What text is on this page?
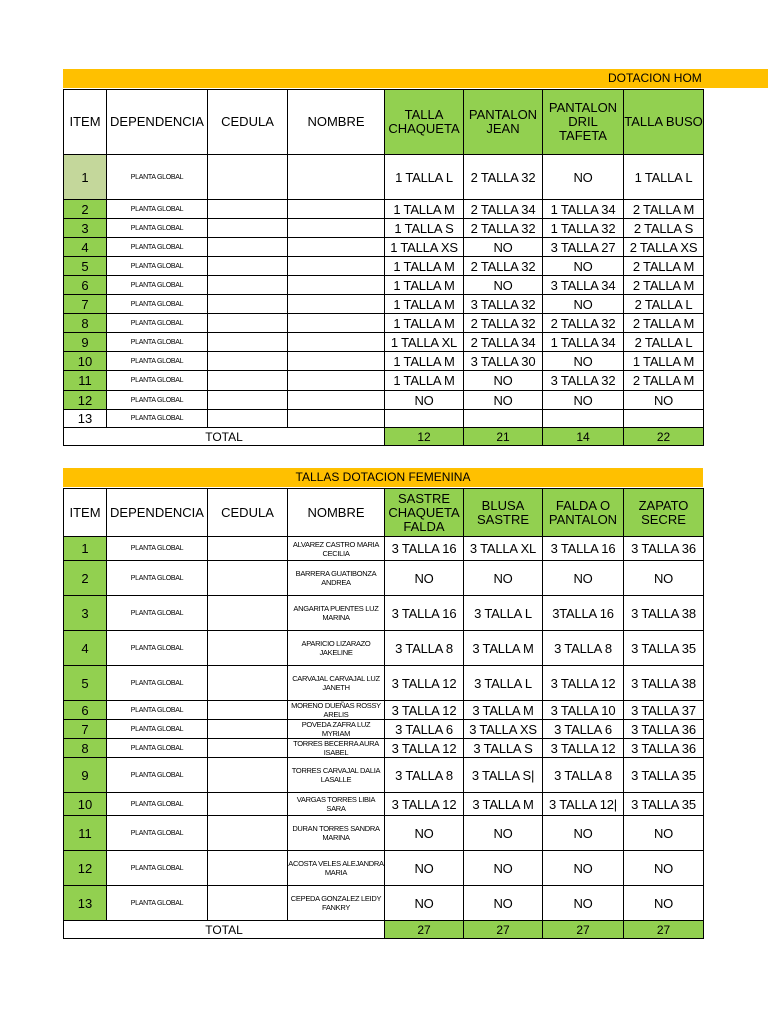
DOTACION HOM
ITEM	DEPENDENCIA	CEDULA	NOMBRE	TALLA CHAQUETA	PANTALON JEAN	PANTALON DRIL TAFETA	TALLA BUSO
1	PLANTA GLOBAL			1 TALLA L	2 TALLA 32	NO	1 TALLA L
2	PLANTA GLOBAL			1 TALLA M	2 TALLA 34	1 TALLA 34	2 TALLA M
3	PLANTA GLOBAL			1 TALLA S	2 TALLA 32	1 TALLA 32	2 TALLA S
4	PLANTA GLOBAL			1 TALLA XS	NO	3 TALLA 27	2 TALLA XS
5	PLANTA GLOBAL			1 TALLA M	2 TALLA 32	NO	2 TALLA M
6	PLANTA GLOBAL			1 TALLA M	NO	3 TALLA 34	2 TALLA M
7	PLANTA GLOBAL			1 TALLA M	3 TALLA 32	NO	2 TALLA L
8	PLANTA GLOBAL			1 TALLA M	2 TALLA 32	2 TALLA 32	2 TALLA M
9	PLANTA GLOBAL			1 TALLA XL	2 TALLA 34	1 TALLA 34	2 TALLA L
10	PLANTA GLOBAL			1 TALLA M	3 TALLA 30	NO	1 TALLA M
11	PLANTA GLOBAL			1 TALLA M	NO	3 TALLA 32	2 TALLA M
12	PLANTA GLOBAL			NO	NO	NO	NO
13	PLANTA GLOBAL						
TOTAL				12	21	14	22
TALLAS DOTACION FEMENINA
ITEM	DEPENDENCIA	CEDULA	NOMBRE	SASTRE CHAQUETA FALDA	BLUSA SASTRE	FALDA O PANTALON	ZAPATO SECRE
1	PLANTA GLOBAL		ALVAREZ CASTRO MARIA CECILIA	3 TALLA 16	3 TALLA XL	3 TALLA 16	3 TALLA 36
2	PLANTA GLOBAL		BARRERA GUATIBONZA ANDREA	NO	NO	NO	NO
3	PLANTA GLOBAL		ANGARITA PUENTES LUZ MARINA	3 TALLA 16	3 TALLA L	3TALLA 16	3 TALLA 38
4	PLANTA GLOBAL		APARICIO LIZARAZO JAKELINE	3 TALLA 8	3 TALLA M	3 TALLA 8	3 TALLA 35
5	PLANTA GLOBAL		CARVAJAL CARVAJAL LUZ JANETH	3 TALLA 12	3 TALLA L	3 TALLA 12	3 TALLA 38
6	PLANTA GLOBAL		MORENO DUEÑAS ROSSY ARELIS	3 TALLA 12	3 TALLA M	3 TALLA 10	3 TALLA 37
7	PLANTA GLOBAL		POVEDA ZAFRA LUZ MYRIAM	3 TALLA 6	3 TALLA XS	3 TALLA 6	3 TALLA 36
8	PLANTA GLOBAL		TORRES BECERRA AURA ISABEL	3 TALLA 12	3 TALLA S	3 TALLA 12	3 TALLA 36
9	PLANTA GLOBAL		TORRES CARVAJAL DALIA LASALLE	3 TALLA 8	3 TALLA S|	3 TALLA 8	3 TALLA 35
10	PLANTA GLOBAL		VARGAS TORRES LIBIA SARA	3 TALLA 12	3 TALLA M	3 TALLA 12|	3 TALLA 35
11	PLANTA GLOBAL		DURAN TORRES SANDRA MARINA	NO	NO	NO	NO
12	PLANTA GLOBAL		ACOSTA VELES ALEJANDRA MARIA	NO	NO	NO	NO
13	PLANTA GLOBAL		CEPEDA GONZALEZ LEIDY FANKRY	NO	NO	NO	NO
TOTAL				27	27	27	27
